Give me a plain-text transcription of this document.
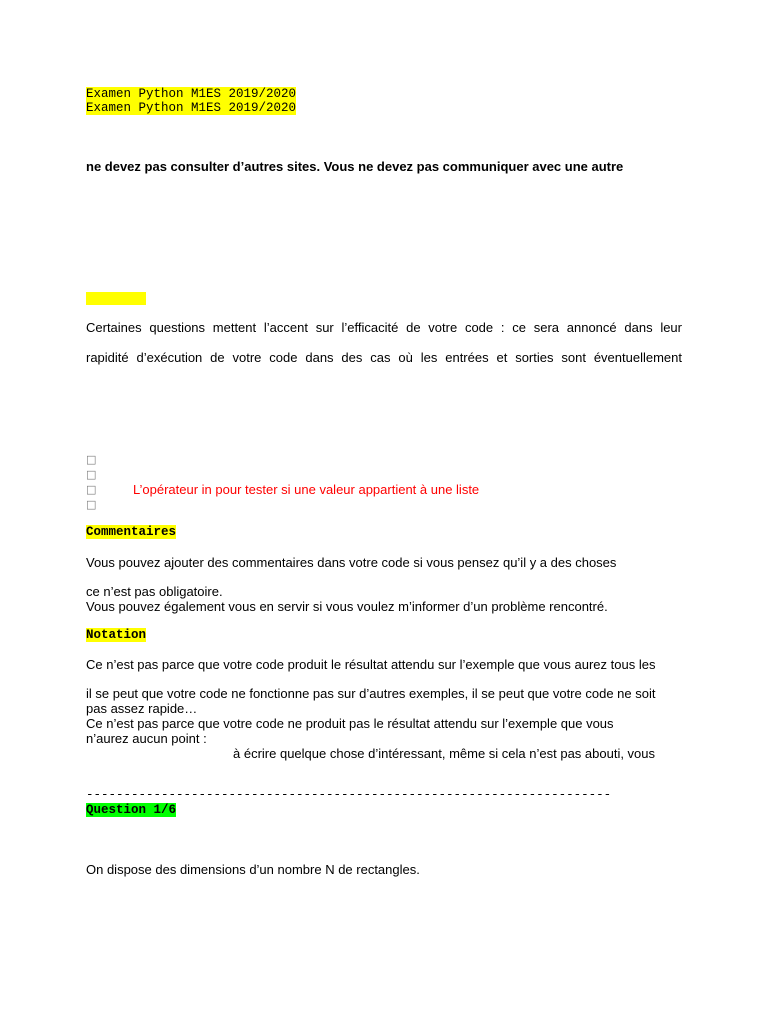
Examen Python M1ES 2019/2020
Examen Python M1ES 2019/2020
ne devez pas consulter d’autres sites. Vous ne devez pas communiquer avec une autre
Certaines questions mettent l’accent sur l’efficacité de votre code : ce sera annoncé dans leur
rapidité d’exécution de votre code dans des cas où les entrées et sorties sont éventuellement
□
□
□	L’opérateur in pour tester si une valeur appartient à une liste
□
Commentaires
Vous pouvez ajouter des commentaires dans votre code si vous pensez qu’il y a des choses
ce n’est pas obligatoire.
Vous pouvez également vous en servir si vous voulez m’informer d’un problème rencontré.
Notation
Ce n’est pas parce que votre code produit le résultat attendu sur l’exemple que vous aurez tous les
il se peut que votre code ne fonctionne pas sur d’autres exemples, il se peut que votre code ne soit
pas assez rapide…
Ce n’est pas parce que votre code ne produit pas le résultat attendu sur l’exemple que vous
n’aurez aucun point :
à écrire quelque chose d’intéressant, même si cela n’est pas abouti, vous
----------------------------------------------------------------------
Question 1/6
On dispose des dimensions d’un nombre N de rectangles.
